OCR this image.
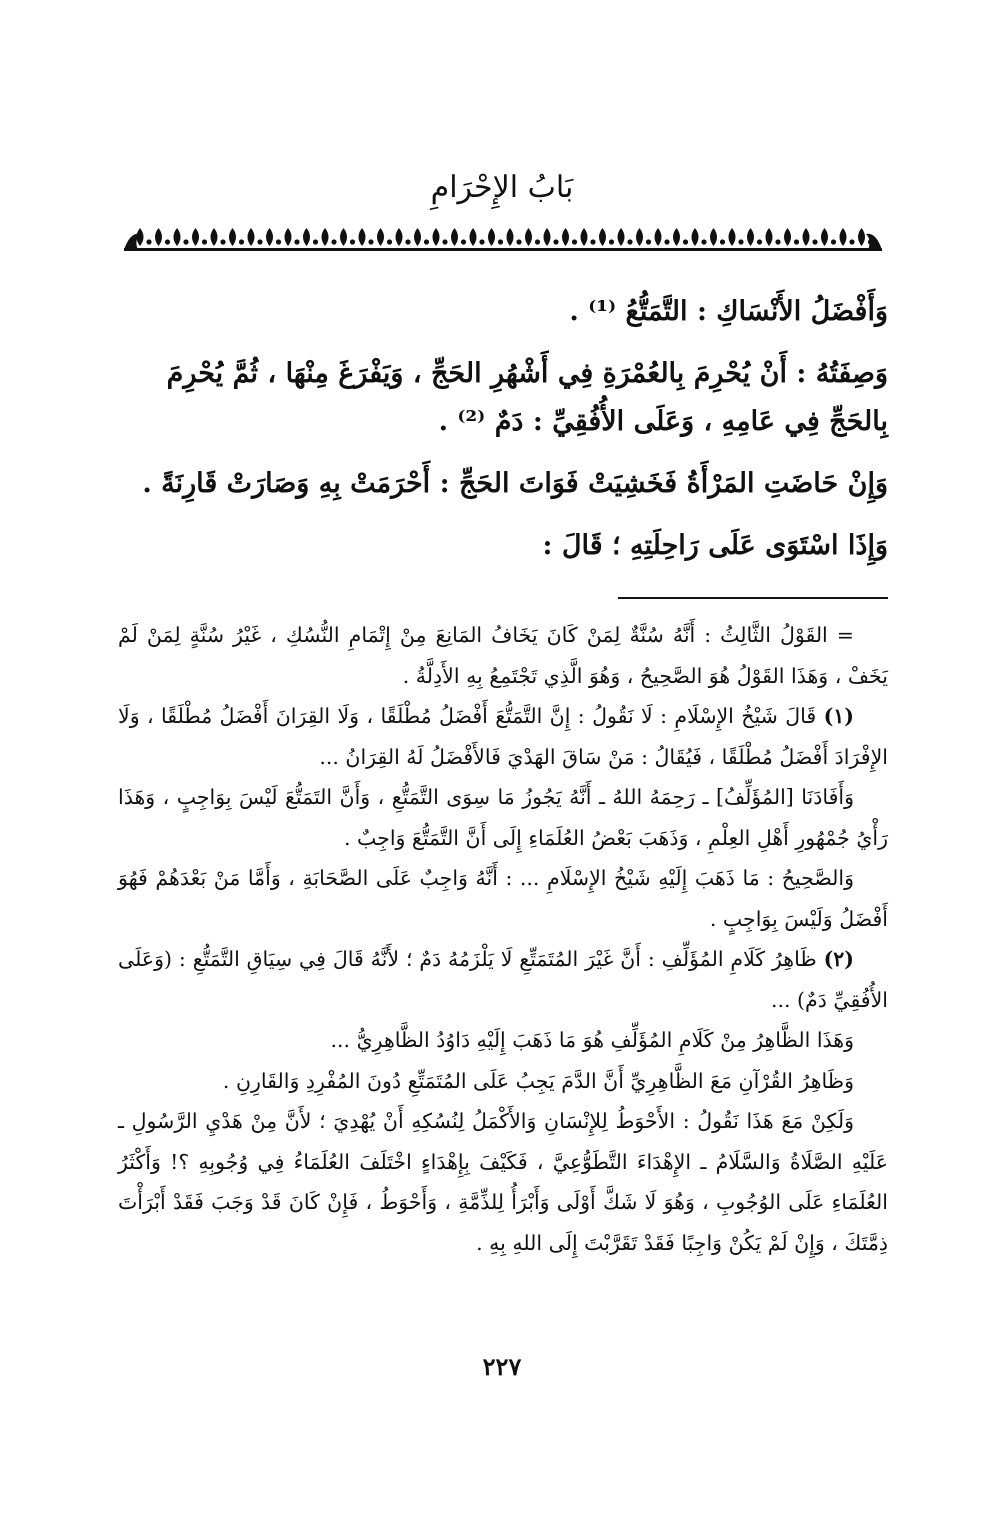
بَابُ الإِحْرَامِ

وَأَفْضَلُ الأَنْسَاكِ : التَّمَتُّعُ ⁽¹⁾ .

وَصِفَتُهُ : أَنْ يُحْرِمَ بِالعُمْرَةِ فِي أَشْهُرِ الحَجِّ ، وَيَفْرَغَ مِنْهَا ، ثُمَّ يُحْرِمَ بِالحَجِّ فِي عَامِهِ ، وَعَلَى الأُفُقِيِّ : دَمٌ ⁽²⁾ .

وَإِنْ حَاضَتِ المَرْأَةُ فَخَشِيَتْ فَوَاتَ الحَجِّ : أَحْرَمَتْ بِهِ وَصَارَتْ قَارِنَةً .

وَإِذَا اسْتَوَى عَلَى رَاحِلَتِهِ ؛ قَالَ :

= القَوْلُ الثَّالِثُ : أَنَّهُ سُنَّةٌ لِمَنْ كَانَ يَخَافُ المَانِعَ مِنْ إِتْمَامِ النُّسُكِ ، غَيْرُ سُنَّةٍ لِمَنْ لَمْ يَخَفْ ، وَهَذَا القَوْلُ هُوَ الصَّحِيحُ ، وَهُوَ الَّذِي تَجْتَمِعُ بِهِ الأَدِلَّةُ .

(١) قَالَ شَيْخُ الإِسْلَامِ : لَا نَقُولُ : إِنَّ التَّمَتُّعَ أَفْضَلُ مُطْلَقًا ، وَلَا القِرَانَ أَفْضَلُ مُطْلَقًا ، وَلَا الإِفْرَادَ أَفْضَلُ مُطْلَقًا ، فَيُقَالُ : مَنْ سَاقَ الهَدْيَ فَالأَفْضَلُ لَهُ القِرَانُ ...

وَأَفَادَنَا [المُؤَلِّفُ] ـ رَحِمَهُ اللهُ ـ أَنَّهُ يَجُوزُ مَا سِوَى التَّمَتُّعِ ، وَأَنَّ التَمَتُّعَ لَيْسَ بِوَاجِبٍ ، وَهَذَا رَأْيُ جُمْهُورِ أَهْلِ العِلْمِ ، وَذَهَبَ بَعْضُ العُلَمَاءِ إِلَى أَنَّ التَّمَتُّعَ وَاجِبٌ .

وَالصَّحِيحُ : مَا ذَهَبَ إِلَيْهِ شَيْخُ الإِسْلَامِ ... : أَنَّهُ وَاجِبٌ عَلَى الصَّحَابَةِ ، وَأَمَّا مَنْ بَعْدَهُمْ فَهُوَ أَفْضَلُ وَلَيْسَ بِوَاجِبٍ .

(٢) ظَاهِرُ كَلَامِ المُؤَلِّفِ : أَنَّ غَيْرَ المُتَمَتِّعِ لَا يَلْزَمُهُ دَمٌ ؛ لأَنَّهُ قَالَ فِي سِيَاقِ التَّمَتُّعِ : (وَعَلَى الأُفُقِيِّ دَمٌ) ...

وَهَذَا الظَّاهِرُ مِنْ كَلَامِ المُؤَلِّفِ هُوَ مَا ذَهَبَ إِلَيْهِ دَاوُدُ الظَّاهِرِيُّ ...

وَظَاهِرُ القُرْآنِ مَعَ الظَّاهِرِيِّ أَنَّ الدَّمَ يَجِبُ عَلَى المُتَمَتِّعِ دُونَ المُفْرِدِ وَالقَارِنِ .

وَلَكِنْ مَعَ هَذَا نَقُولُ : الأَحْوَطُ لِلإِنْسَانِ وَالأَكْمَلُ لِنُسُكِهِ أَنْ يُهْدِيَ ؛ لأَنَّ مِنْ هَدْيِ الرَّسُولِ ـ عَلَيْهِ الصَّلَاةُ وَالسَّلَامُ ـ الإِهْدَاءَ التَّطَوُّعِيَّ ، فَكَيْفَ بِإِهْدَاءٍ اخْتَلَفَ العُلَمَاءُ فِي وُجُوبِهِ ؟! وَأَكْثَرُ العُلَمَاءِ عَلَى الوُجُوبِ ، وَهُوَ لَا شَكَّ أَوْلَى وَأَبْرَأُ لِلذِّمَّةِ ، وَأَحْوَطُ ، فَإِنْ كَانَ قَدْ وَجَبَ فَقَدْ أَبْرَأْتَ ذِمَّتَكَ ، وَإِنْ لَمْ يَكُنْ وَاجِبًا فَقَدْ تَقَرَّبْتَ إِلَى اللهِ بِهِ .

٢٢٧
